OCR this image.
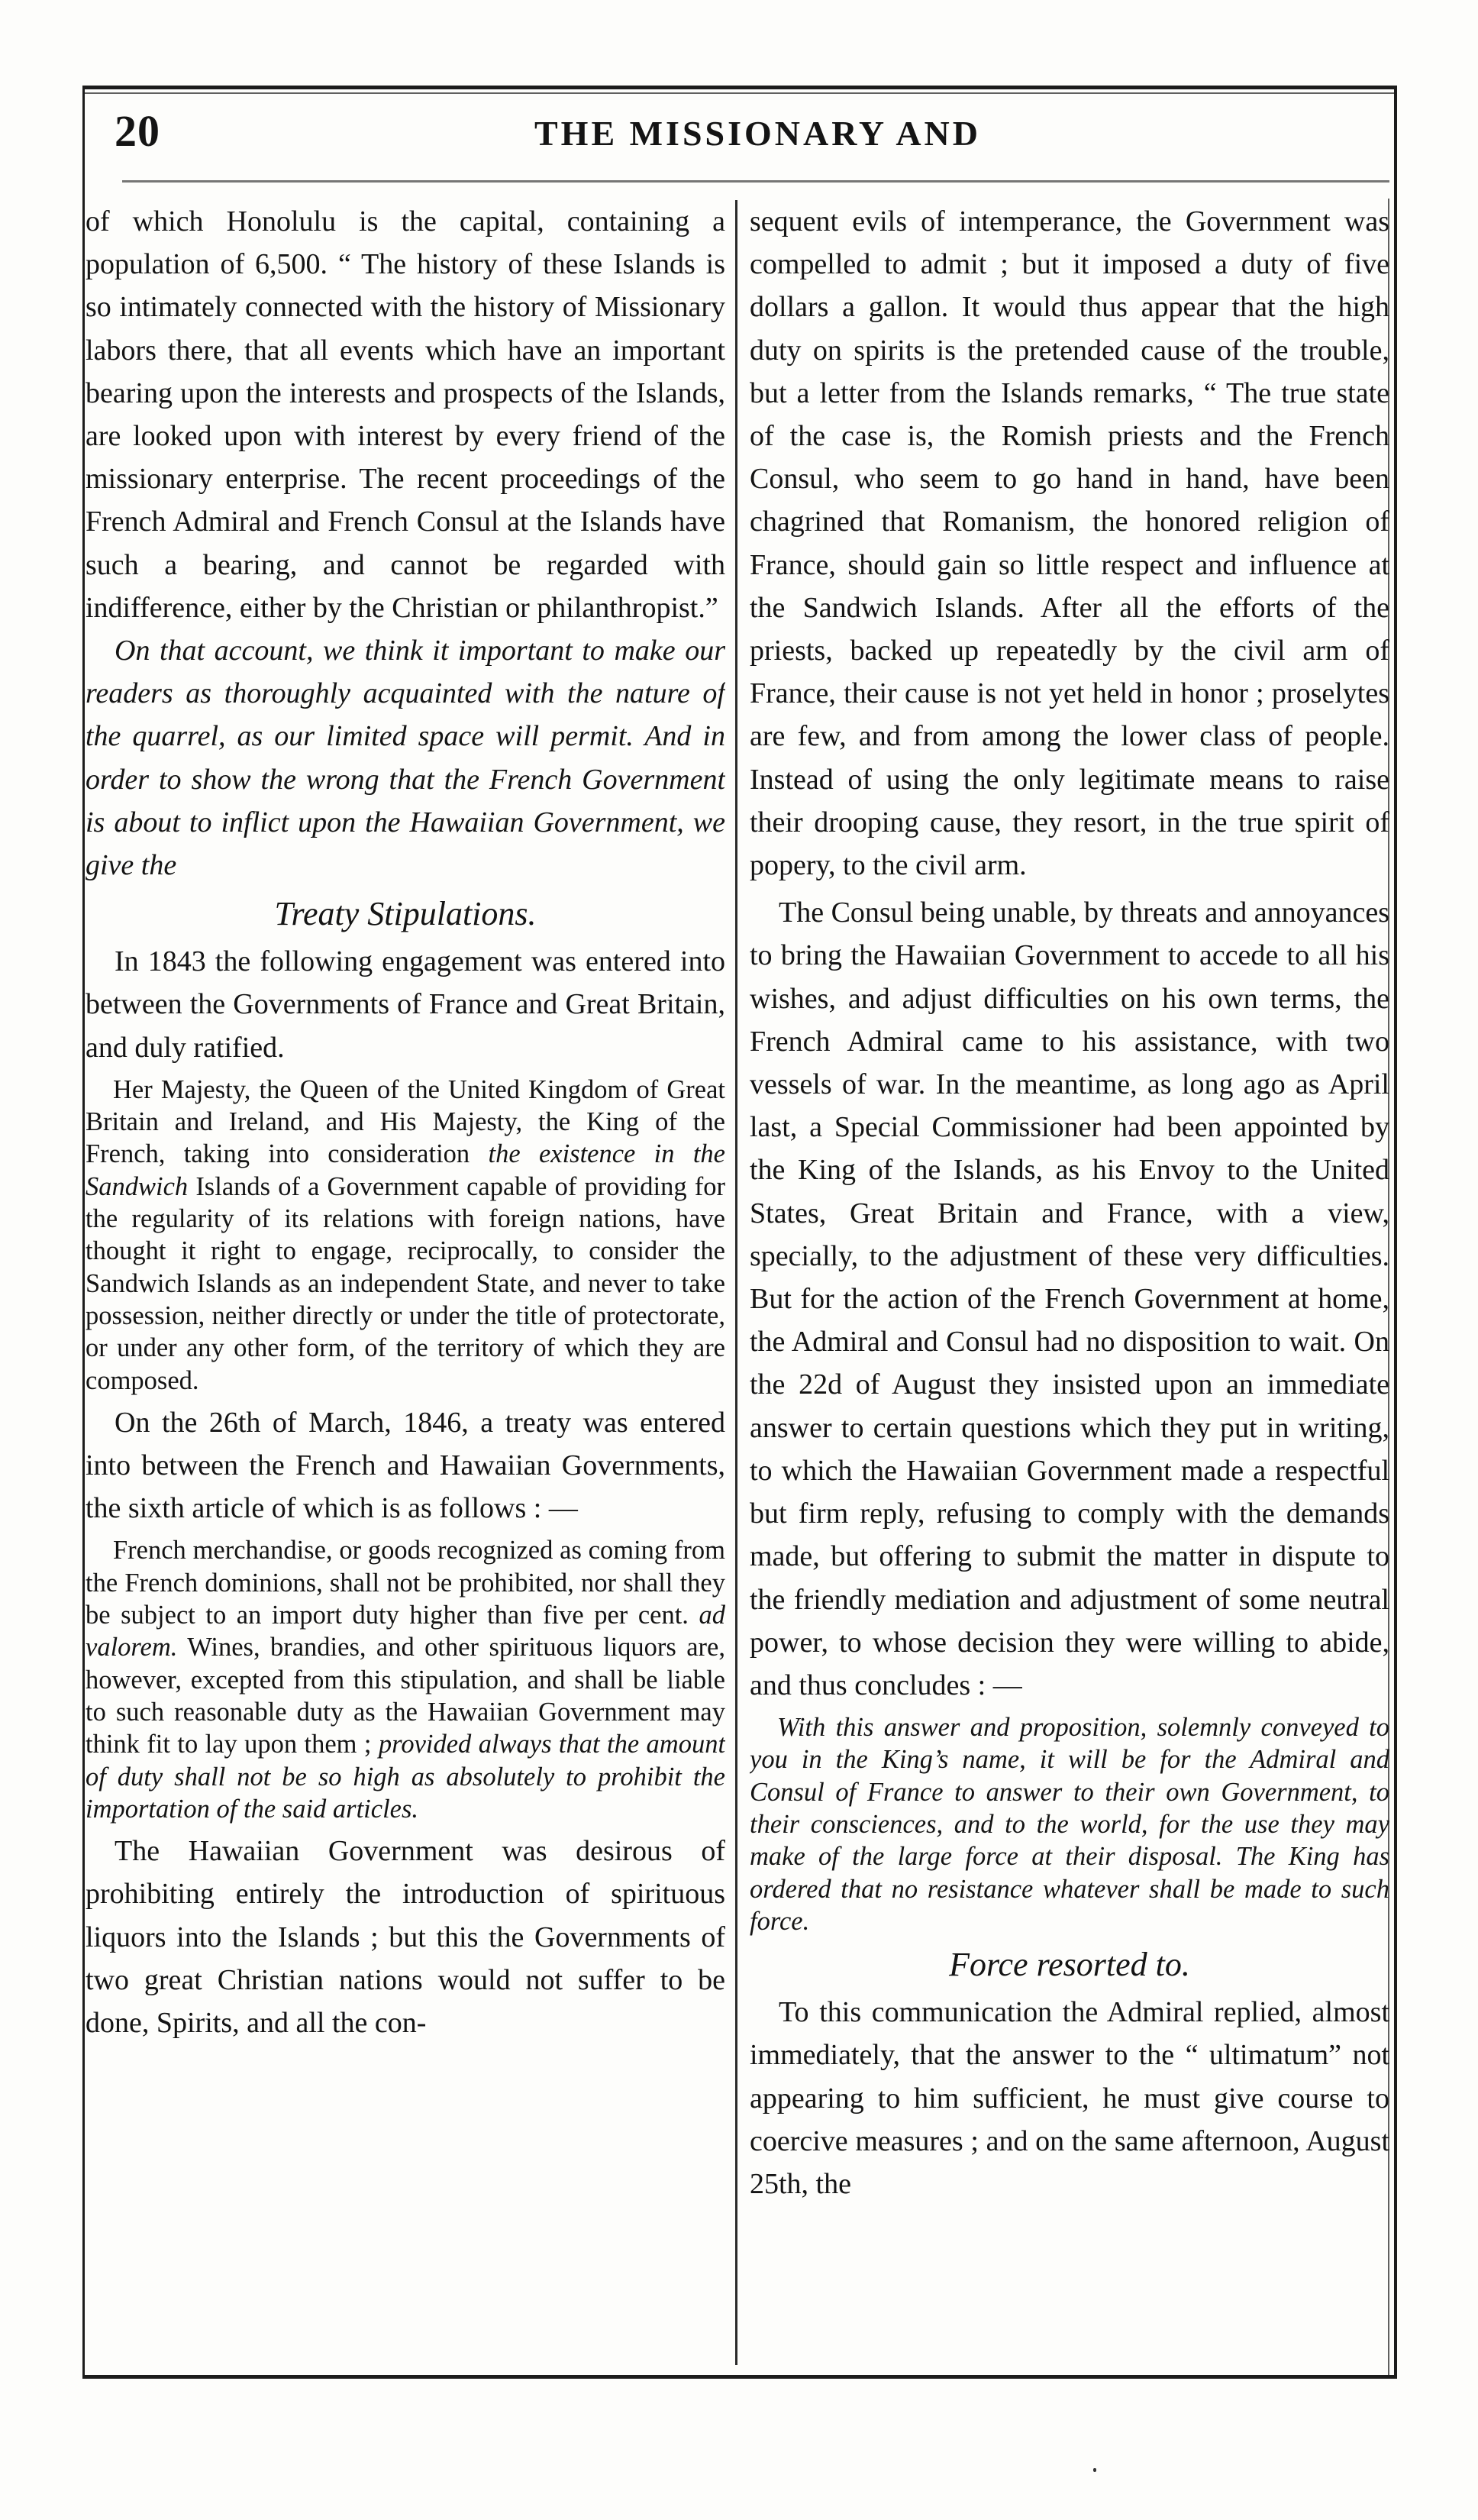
20	THE MISSIONARY AND

of which Honolulu is the capital, containing a population of 6,500. “ The history of these Islands is so intimately connected with the history of Missionary labors there, that all events which have an important bearing upon the interests and prospects of the Islands, are looked upon with interest by every friend of the missionary enterprise. The recent proceedings of the French Admiral and French Consul at the Islands have such a bearing, and cannot be regarded with indifference, either by the Christian or philanthropist.”

On that account, we think it important to make our readers as thoroughly acquainted with the nature of the quarrel, as our limited space will permit. And in order to show the wrong that the French Government is about to inflict upon the Hawaiian Government, we give the

Treaty Stipulations.

In 1843 the following engagement was entered into between the Governments of France and Great Britain, and duly ratified.

Her Majesty, the Queen of the United Kingdom of Great Britain and Ireland, and His Majesty, the King of the French, taking into consideration the existence in the Sandwich Islands of a Government capable of providing for the regularity of its relations with foreign nations, have thought it right to engage, reciprocally, to consider the Sandwich Islands as an independent State, and never to take possession, neither directly or under the title of protectorate, or under any other form, of the territory of which they are composed.

On the 26th of March, 1846, a treaty was entered into between the French and Hawaiian Governments, the sixth article of which is as follows : —

French merchandise, or goods recognized as coming from the French dominions, shall not be prohibited, nor shall they be subject to an import duty higher than five per cent. ad valorem. Wines, brandies, and other spirituous liquors are, however, excepted from this stipulation, and shall be liable to such reasonable duty as the Hawaiian Government may think fit to lay upon them ; provided always that the amount of duty shall not be so high as absolutely to prohibit the importation of the said articles.

The Hawaiian Government was desirous of prohibiting entirely the introduction of spirituous liquors into the Islands ; but this the Governments of two great Christian nations would not suffer to be done, Spirits, and all the con-

sequent evils of intemperance, the Government was compelled to admit ; but it imposed a duty of five dollars a gallon. It would thus appear that the high duty on spirits is the pretended cause of the trouble, but a letter from the Islands remarks, “ The true state of the case is, the Romish priests and the French Consul, who seem to go hand in hand, have been chagrined that Romanism, the honored religion of France, should gain so little respect and influence at the Sandwich Islands. After all the efforts of the priests, backed up repeatedly by the civil arm of France, their cause is not yet held in honor ; proselytes are few, and from among the lower class of people. Instead of using the only legitimate means to raise their drooping cause, they resort, in the true spirit of popery, to the civil arm.

The Consul being unable, by threats and annoyances to bring the Hawaiian Government to accede to all his wishes, and adjust difficulties on his own terms, the French Admiral came to his assistance, with two vessels of war. In the meantime, as long ago as April last, a Special Commissioner had been appointed by the King of the Islands, as his Envoy to the United States, Great Britain and France, with a view, specially, to the adjustment of these very difficulties. But for the action of the French Government at home, the Admiral and Consul had no disposition to wait. On the 22d of August they insisted upon an immediate answer to certain questions which they put in writing, to which the Hawaiian Government made a respectful but firm reply, refusing to comply with the demands made, but offering to submit the matter in dispute to the friendly mediation and adjustment of some neutral power, to whose decision they were willing to abide, and thus concludes : —

With this answer and proposition, solemnly conveyed to you in the King’s name, it will be for the Admiral and Consul of France to answer to their own Government, to their consciences, and to the world, for the use they may make of the large force at their disposal. The King has ordered that no resistance whatever shall be made to such force.

Force resorted to.

To this communication the Admiral replied, almost immediately, that the answer to the “ ultimatum” not appearing to him sufficient, he must give course to coercive measures ; and on the same afternoon, August 25th, the
